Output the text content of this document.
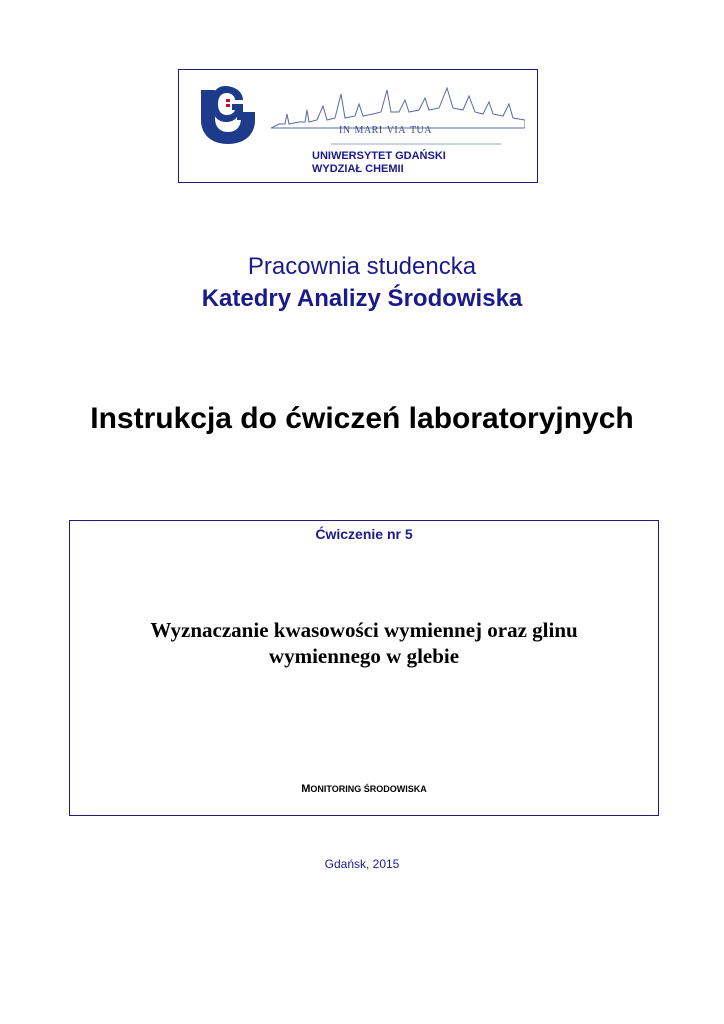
in mari via tua
UNIWERSYTET GDAŃSKI
WYDZIAŁ CHEMII
Pracownia studencka
Katedry Analizy Środowiska
Instrukcja do ćwiczeń laboratoryjnych
Ćwiczenie nr 5
Wyznaczanie kwasowości wymiennej oraz glinu
wymiennego w glebie
MONITORING ŚRODOWISKA
Gdańsk, 2015
